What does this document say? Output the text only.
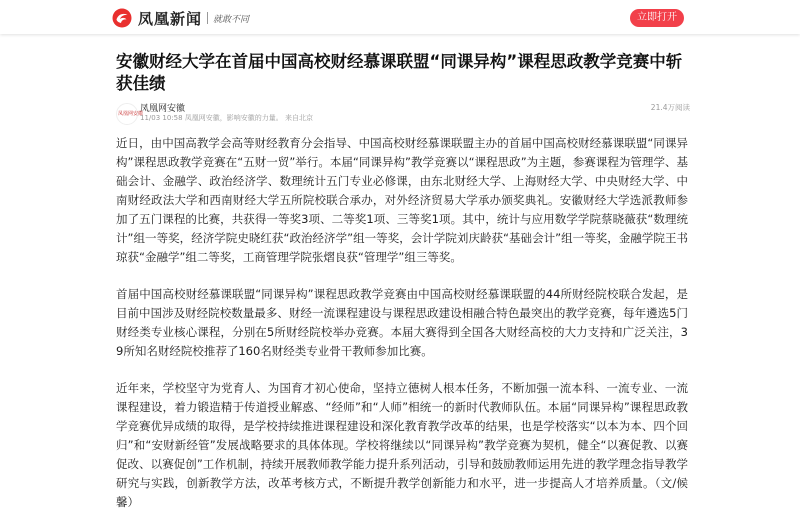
凤凰新闻 就敢不同	立即打开
安徽财经大学在首届中国高校财经慕课联盟“同课异构”课程思政教学竞赛中斩获佳绩
凤凰网安徽
凤凰网安徽
11/03 10:58 凤凰网安徽，影响安徽的力量。 来自北京
21.4万阅读

近日，由中国高教学会高等财经教育分会指导、中国高校财经慕课联盟主办的首届中国高校财经慕课联盟“同课异构”课程思政教学竞赛在“五财一贸”举行。本届“同课异构”教学竞赛以“课程思政”为主题，参赛课程为管理学、基础会计、金融学、政治经济学、数理统计五门专业必修课，由东北财经大学、上海财经大学、中央财经大学、中南财经政法大学和西南财经大学五所院校联合承办，对外经济贸易大学承办颁奖典礼。安徽财经大学选派教师参加了五门课程的比赛，共获得一等奖3项、二等奖1项、三等奖1项。其中，统计与应用数学学院蔡晓薇获“数理统计”组一等奖，经济学院史晓红获“政治经济学”组一等奖，会计学院刘庆龄获“基础会计”组一等奖，金融学院王书琼获“金融学”组二等奖，工商管理学院张熠良获“管理学”组三等奖。

首届中国高校财经慕课联盟“同课异构”课程思政教学竞赛由中国高校财经慕课联盟的44所财经院校联合发起，是目前中国涉及财经院校数量最多、财经一流课程建设与课程思政建设相融合特色最突出的教学竞赛，每年遴选5门财经类专业核心课程，分别在5所财经院校举办竞赛。本届大赛得到全国各大财经高校的大力支持和广泛关注，39所知名财经院校推荐了160名财经类专业骨干教师参加比赛。

近年来，学校坚守为党育人、为国育才初心使命，坚持立德树人根本任务，不断加强一流本科、一流专业、一流课程建设，着力锻造精于传道授业解惑、“经师”和“人师”相统一的新时代教师队伍。本届“同课异构”课程思政教学竞赛优异成绩的取得，是学校持续推进课程建设和深化教育教学改革的结果，也是学校落实“以本为本、四个回归”和“安财新经管”发展战略要求的具体体现。学校将继续以“同课异构”教学竞赛为契机，健全“以赛促教、以赛促改、以赛促创”工作机制，持续开展教师教学能力提升系列活动，引导和鼓励教师运用先进的教学理念指导教学研究与实践，创新教学方法，改革考核方式，不断提升教学创新能力和水平，进一步提高人才培养质量。（文/候馨）
